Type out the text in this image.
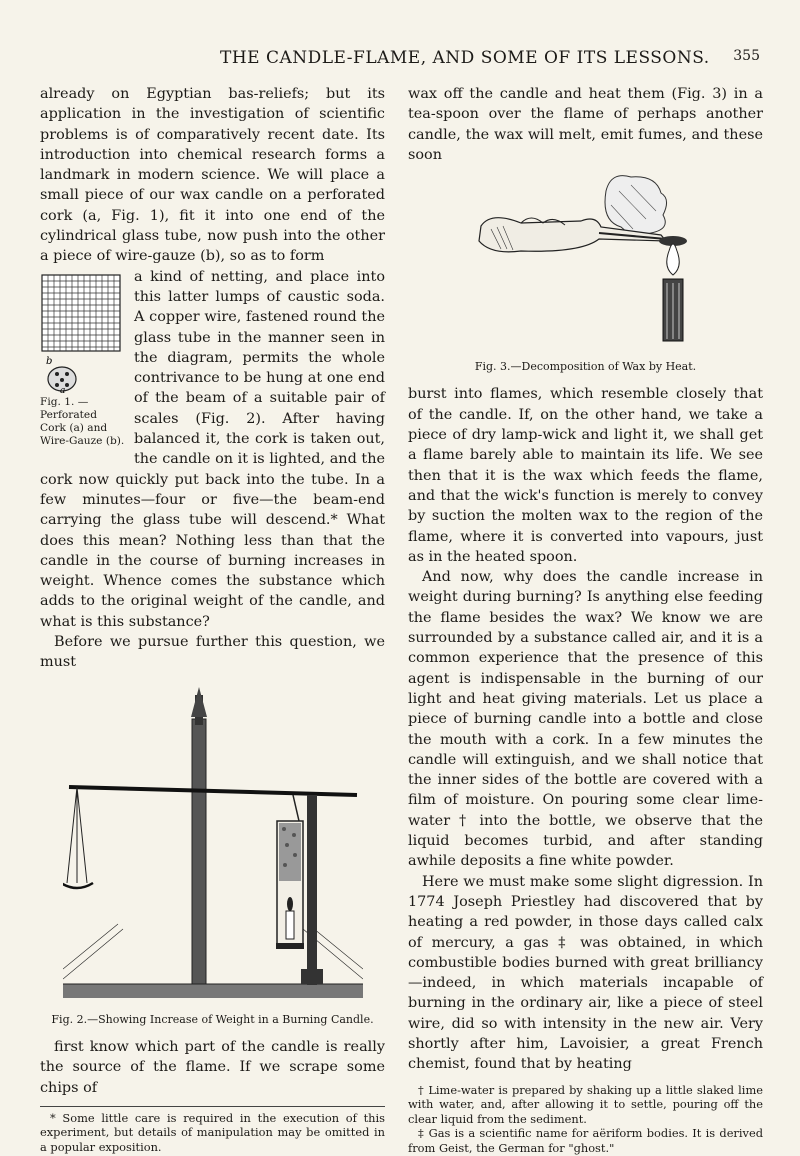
THE CANDLE-FLAME, AND SOME OF ITS LESSONS. 355

already on Egyptian bas-reliefs; but its application in the investigation of scientific problems is of comparatively recent date. Its introduction into chemical research forms a landmark in modern science. We will place a small piece of our wax candle on a perforated cork (a, Fig. 1), fit it into one end of the cylindrical glass tube, now push into the other a piece of wire-gauze (b), so as to form

b
a
Fig. 1. — Perforated Cork (a) and Wire-Gauze (b).
a kind of netting, and place into this latter lumps of caustic soda. A copper wire, fastened round the glass tube in the manner seen in the diagram, permits the whole contrivance to be hung at one end of the beam of a suitable pair of scales (Fig. 2). After having balanced it, the cork is taken out, the candle on it is lighted, and the cork now quickly put back into the tube. In a few minutes—four or five—the beam-end carrying the glass tube will descend.* What does this mean? Nothing less than that the candle in the course of burning increases in weight. Whence comes the substance which adds to the original weight of the candle, and what is this substance?

Before we pursue further this question, we must

Fig. 2.—Showing Increase of Weight in a Burning Candle.

first know which part of the candle is really the source of the flame. If we scrape some chips of

* Some little care is required in the execution of this experiment, but details of manipulation may be omitted in a popular exposition.

wax off the candle and heat them (Fig. 3) in a tea-spoon over the flame of perhaps another candle, the wax will melt, emit fumes, and these soon

Fig. 3.—Decomposition of Wax by Heat.

burst into flames, which resemble closely that of the candle. If, on the other hand, we take a piece of dry lamp-wick and light it, we shall get a flame barely able to maintain its life. We see then that it is the wax which feeds the flame, and that the wick's function is merely to convey by suction the molten wax to the region of the flame, where it is converted into vapours, just as in the heated spoon.

And now, why does the candle increase in weight during burning? Is anything else feeding the flame besides the wax? We know we are surrounded by a substance called air, and it is a common experience that the presence of this agent is indispensable in the burning of our light and heat giving materials. Let us place a piece of burning candle into a bottle and close the mouth with a cork. In a few minutes the candle will extinguish, and we shall notice that the inner sides of the bottle are covered with a film of moisture. On pouring some clear lime-water † into the bottle, we observe that the liquid becomes turbid, and after standing awhile deposits a fine white powder.

Here we must make some slight digression. In 1774 Joseph Priestley had discovered that by heating a red powder, in those days called calx of mercury, a gas ‡ was obtained, in which combustible bodies burned with great brilliancy—indeed, in which materials incapable of burning in the ordinary air, like a piece of steel wire, did so with intensity in the new air. Very shortly after him, Lavoisier, a great French chemist, found that by heating

† Lime-water is prepared by shaking up a little slaked lime with water, and, after allowing it to settle, pouring off the clear liquid from the sediment.

‡ Gas is a scientific name for aëriform bodies. It is derived from Geist, the German for "ghost."
